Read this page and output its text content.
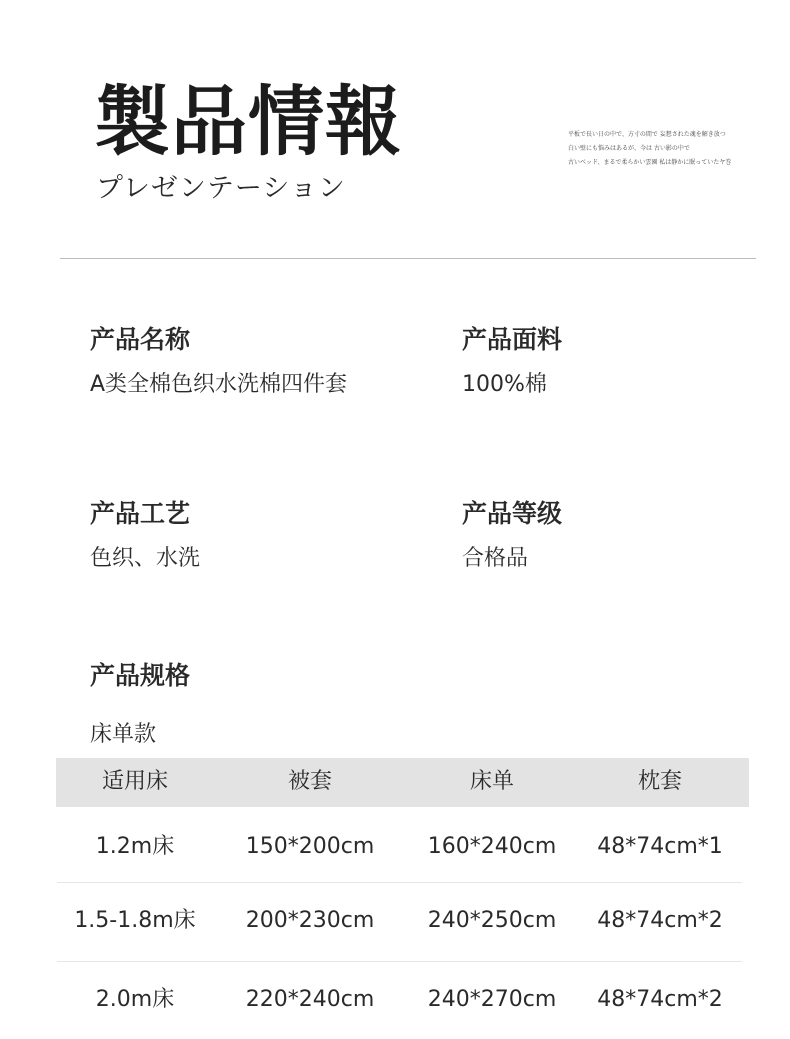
製品情報
プレゼンテーション
平板で長い日の中で、方寸の間で 妄想された魂を解き放つ
白い壁にも悩みはあるが、今は 古い影の中で
古いベッド、まるで柔らかい雲園 私は静かに眠っていたヤ巻
产品名称
A类全棉色织水洗棉四件套
产品面料
100%棉
产品工艺
色织、水洗
产品等级
合格品
产品规格
床单款
适用床	被套	床单	枕套
1.2m床	150*200cm	160*240cm	48*74cm*1
1.5-1.8m床	200*230cm	240*250cm	48*74cm*2
2.0m床	220*240cm	240*270cm	48*74cm*2
